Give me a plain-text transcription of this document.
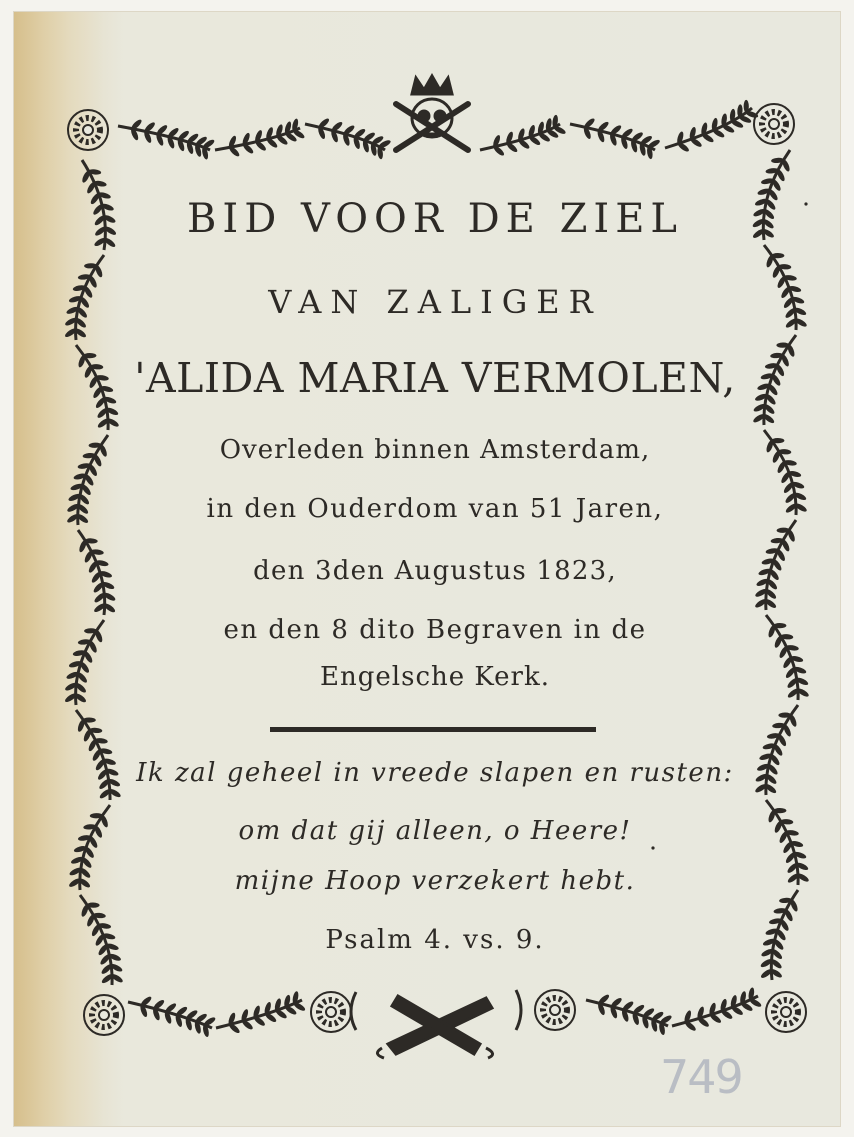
BID VOOR DE ZIEL
VAN ZALIGER
'ALIDA MARIA VERMOLEN,
Overleden binnen Amsterdam,
in den Ouderdom van 51 Jaren,
den 3den Augustus 1823,
en den 8 dito Begraven in de
Engelsche Kerk.
Ik zal geheel in vreede slapen en rusten:
om dat gij alleen, o Heere!
mijne Hoop verzekert hebt.
Psalm 4. vs. 9.
749
